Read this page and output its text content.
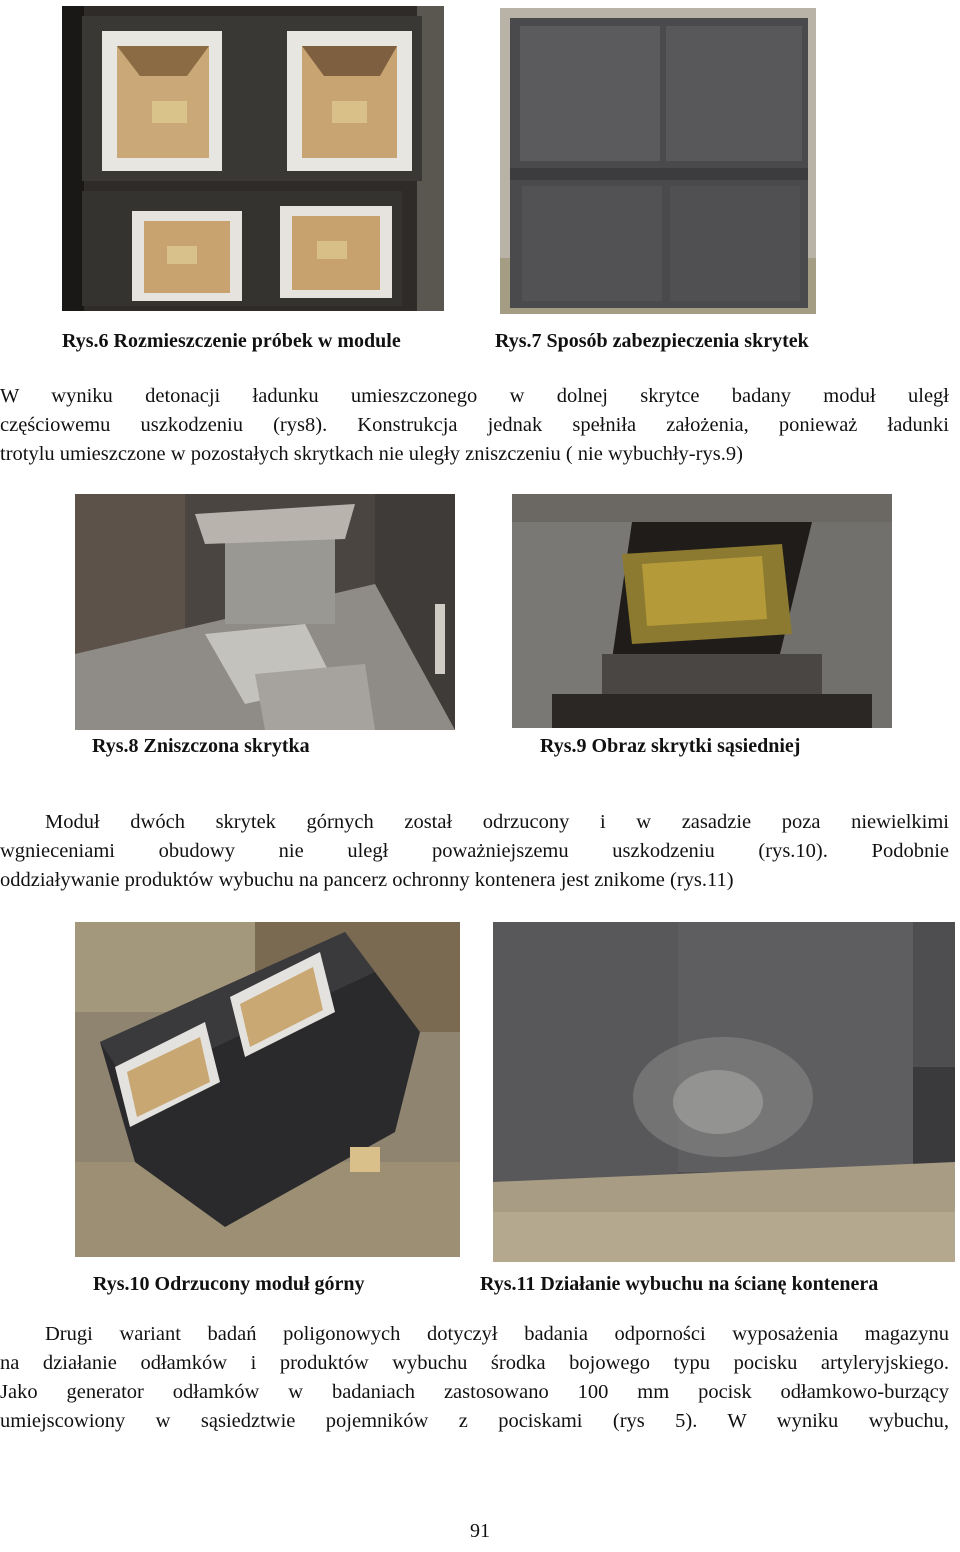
Rys.6 Rozmieszczenie próbek w module	Rys.7 Sposób zabezpieczenia skrytek
W wyniku detonacji ładunku umieszczonego w dolnej skrytce badany moduł uległ
częściowemu uszkodzeniu (rys8). Konstrukcja jednak spełniła założenia, ponieważ ładunki
trotylu umieszczone w pozostałych skrytkach nie uległy zniszczeniu ( nie wybuchły-rys.9)
Rys.8 Zniszczona skrytka	Rys.9 Obraz skrytki sąsiedniej
Moduł dwóch skrytek górnych został odrzucony i w zasadzie poza niewielkimi
wgnieceniami obudowy nie uległ poważniejszemu uszkodzeniu (rys.10). Podobnie
oddziaływanie produktów wybuchu na pancerz ochronny kontenera jest znikome (rys.11)
Rys.10 Odrzucony moduł górny	Rys.11 Działanie wybuchu na ścianę kontenera
Drugi wariant badań poligonowych dotyczył badania odporności wyposażenia magazynu
na działanie odłamków i produktów wybuchu środka bojowego typu pocisku artyleryjskiego.
Jako generator odłamków w badaniach zastosowano 100 mm pocisk odłamkowo-burzący
umiejscowiony w sąsiedztwie pojemników z pociskami (rys 5). W wyniku wybuchu,
91
